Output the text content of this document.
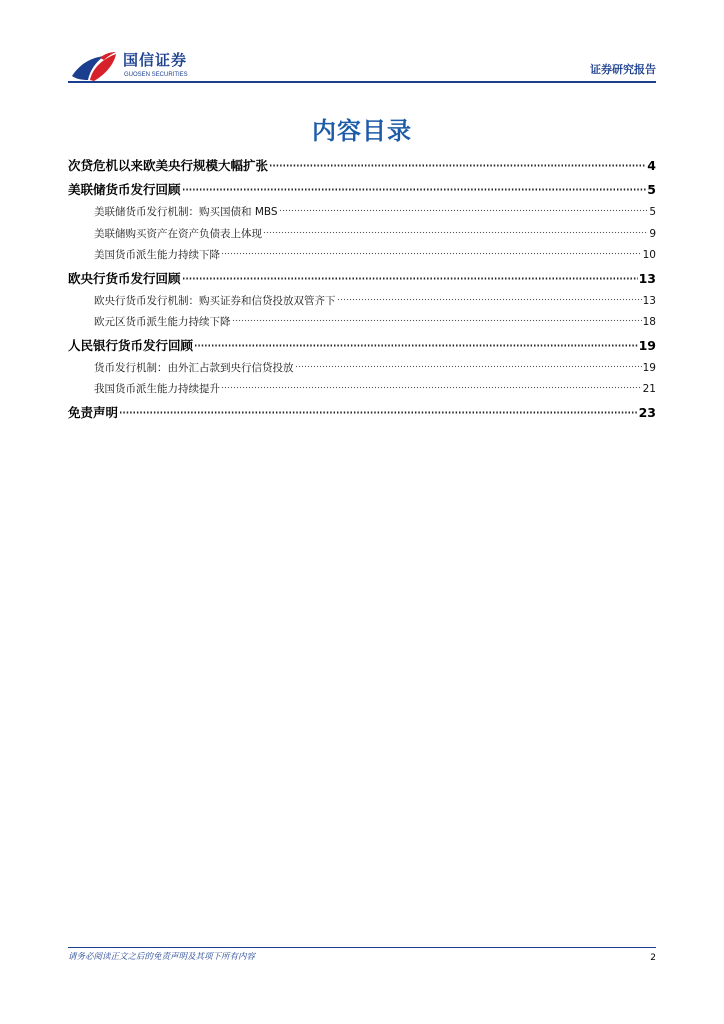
国信证券
GUOSEN SECURITIES	证券研究报告
内容目录
次贷危机以来欧美央行规模大幅扩张	4
美联储货币发行回顾	5
美联储货币发行机制：购买国债和 MBS	5
美联储购买资产在资产负债表上体现	9
美国货币派生能力持续下降	10
欧央行货币发行回顾	13
欧央行货币发行机制：购买证券和信贷投放双管齐下	13
欧元区货币派生能力持续下降	18
人民银行货币发行回顾	19
货币发行机制：由外汇占款到央行信贷投放	19
我国货币派生能力持续提升	21
免责声明	23
请务必阅读正文之后的免责声明及其项下所有内容	2
